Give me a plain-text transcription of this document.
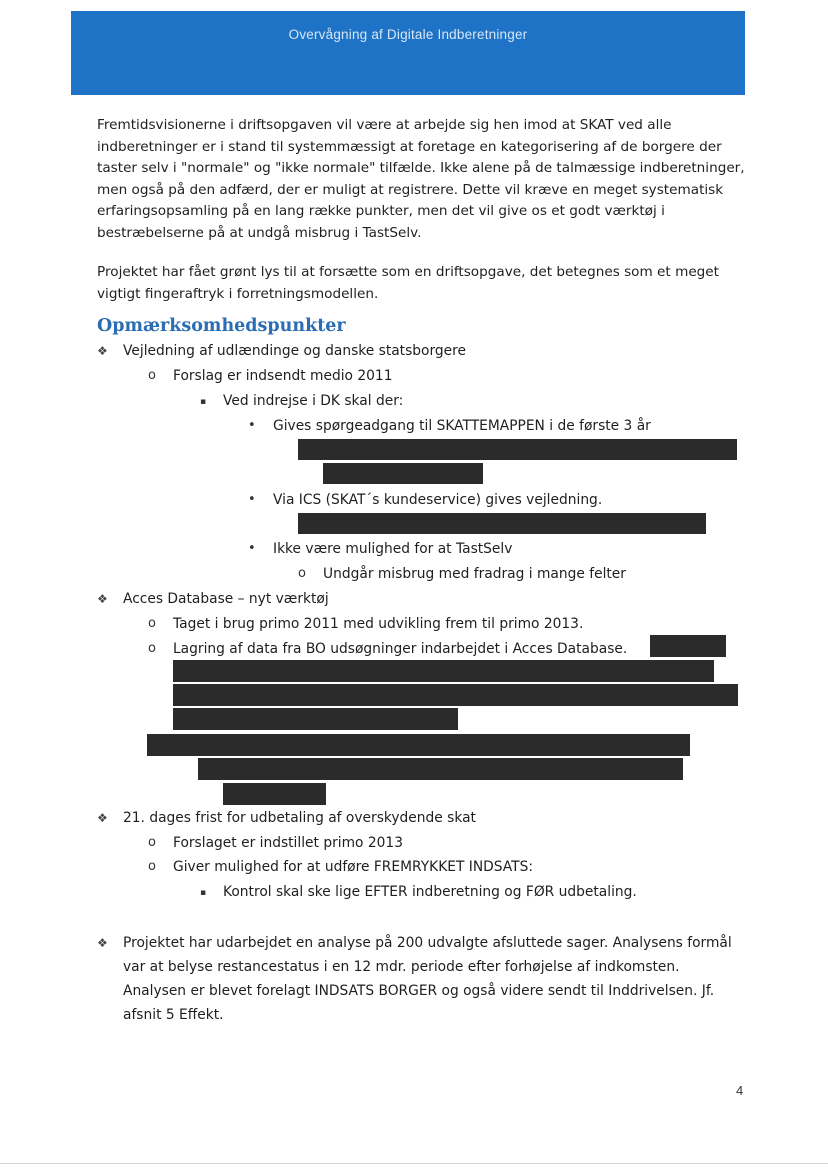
Overvågning af Digitale Indberetninger

Fremtidsvisionerne i driftsopgaven vil være at arbejde sig hen imod at SKAT ved alle indberetninger er i stand til systemmæssigt at foretage en kategorisering af de borgere der taster selv i "normale" og "ikke normale" tilfælde. Ikke alene på de talmæssige indberetninger, men også på den adfærd, der er muligt at registrere. Dette vil kræve en meget systematisk erfaringsopsamling på en lang række punkter, men det vil give os et godt værktøj i bestræbelserne på at undgå misbrug i TastSelv.

Projektet har fået grønt lys til at forsætte som en driftsopgave, det betegnes som et meget vigtigt fingeraftryk i forretningsmodellen.

Opmærksomhedspunkter
❖ Vejledning af udlændinge og danske statsborgere

o Forslag er indsendt medio 2011

▪ Ved indrejse i DK skal der:

• Gives spørgeadgang til SKATTEMAPPEN i de første 3 år

• Via ICS (SKAT´s kundeservice) gives vejledning.

• Ikke være mulighed for at TastSelv

o Undgår misbrug med fradrag i mange felter

❖ Acces Database – nyt værktøj

o Taget i brug primo 2011 med udvikling frem til primo 2013.

o Lagring af data fra BO udsøgninger indarbejdet i Acces Database.

❖ 21. dages frist for udbetaling af overskydende skat

o Forslaget er indstillet primo 2013

o Giver mulighed for at udføre FREMRYKKET INDSATS:

▪ Kontrol skal ske lige EFTER indberetning og FØR udbetaling.

❖ Projektet har udarbejdet en analyse på 200 udvalgte afsluttede sager. Analysens formål var at belyse restancestatus i en 12 mdr. periode efter forhøjelse af indkomsten. Analysen er blevet forelagt INDSATS BORGER og også videre sendt til Inddrivelsen. Jf. afsnit 5 Effekt.

4
